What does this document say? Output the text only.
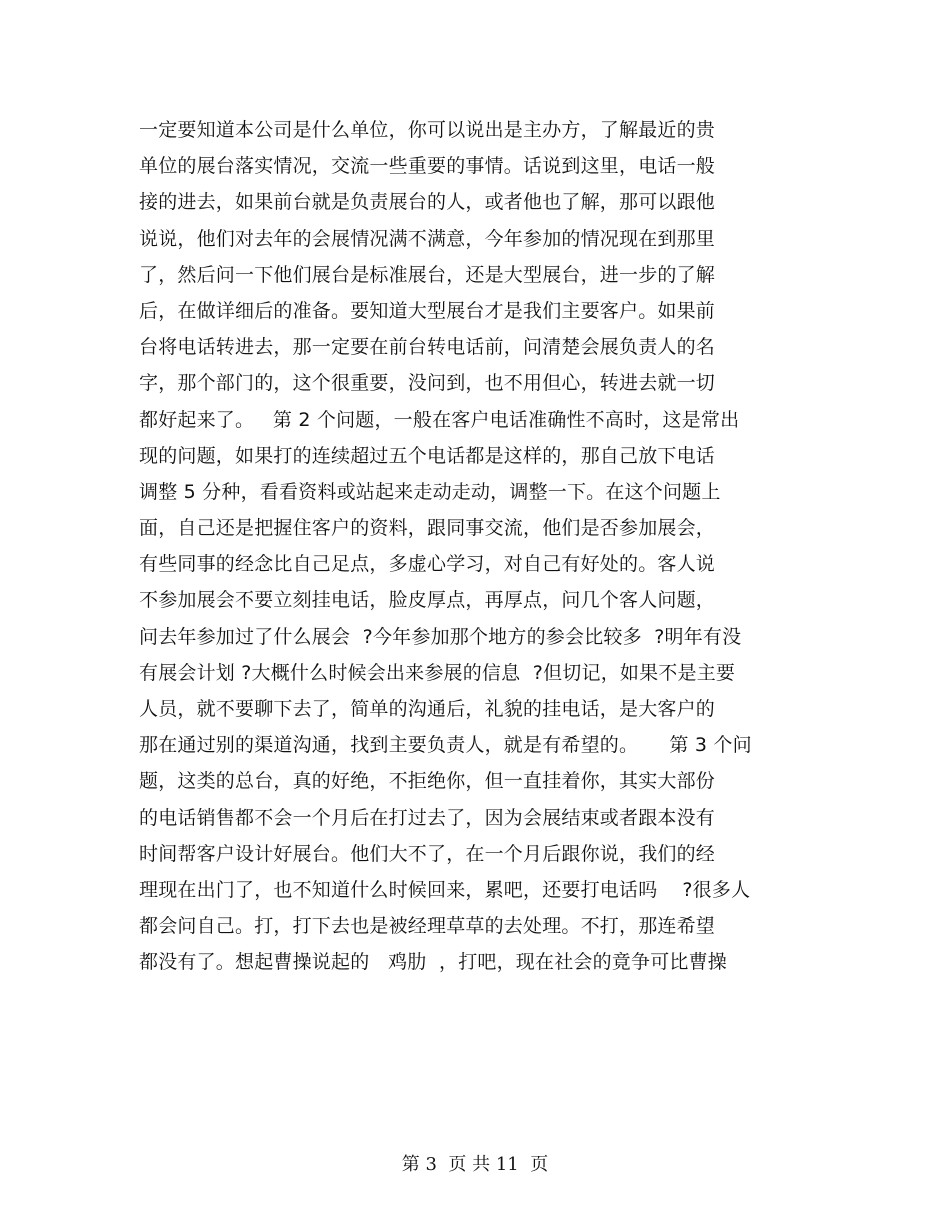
一定要知道本公司是什么单位，你可以说出是主办方，了解最近的贵
单位的展台落实情况，交流一些重要的事情。话说到这里，电话一般
接的进去，如果前台就是负责展台的人，或者他也了解，那可以跟他
说说，他们对去年的会展情况满不满意，今年参加的情况现在到那里
了，然后问一下他们展台是标准展台，还是大型展台，进一步的了解
后，在做详细后的准备。要知道大型展台才是我们主要客户。如果前
台将电话转进去，那一定要在前台转电话前，问清楚会展负责人的名
字，那个部门的，这个很重要，没问到，也不用但心，转进去就一切
都好起来了。   第 2 个问题，一般在客户电话准确性不高时，这是常出
现的问题，如果打的连续超过五个电话都是这样的，那自己放下电话
调整 5 分种，看看资料或站起来走动走动，调整一下。在这个问题上
面，自己还是把握住客户的资料，跟同事交流，他们是否参加展会，
有些同事的经念比自己足点，多虚心学习，对自己有好处的。客人说
不参加展会不要立刻挂电话，脸皮厚点，再厚点，问几个客人问题，
问去年参加过了什么展会  ?今年参加那个地方的参会比较多  ?明年有没
有展会计划 ?大概什么时候会出来参展的信息  ?但切记，如果不是主要
人员，就不要聊下去了，简单的沟通后，礼貌的挂电话，是大客户的
那在通过别的渠道沟通，找到主要负责人，就是有希望的。     第 3 个问
题，这类的总台，真的好绝，不拒绝你，但一直挂着你，其实大部份
的电话销售都不会一个月后在打过去了，因为会展结束或者跟本没有
时间帮客户设计好展台。他们大不了，在一个月后跟你说，我们的经
理现在出门了，也不知道什么时候回来，累吧，还要打电话吗    ?很多人
都会问自己。打，打下去也是被经理草草的去处理。不打，那连希望
都没有了。想起曹操说起的   鸡肋  ，打吧，现在社会的竟争可比曹操
第 3  页 共 11  页
